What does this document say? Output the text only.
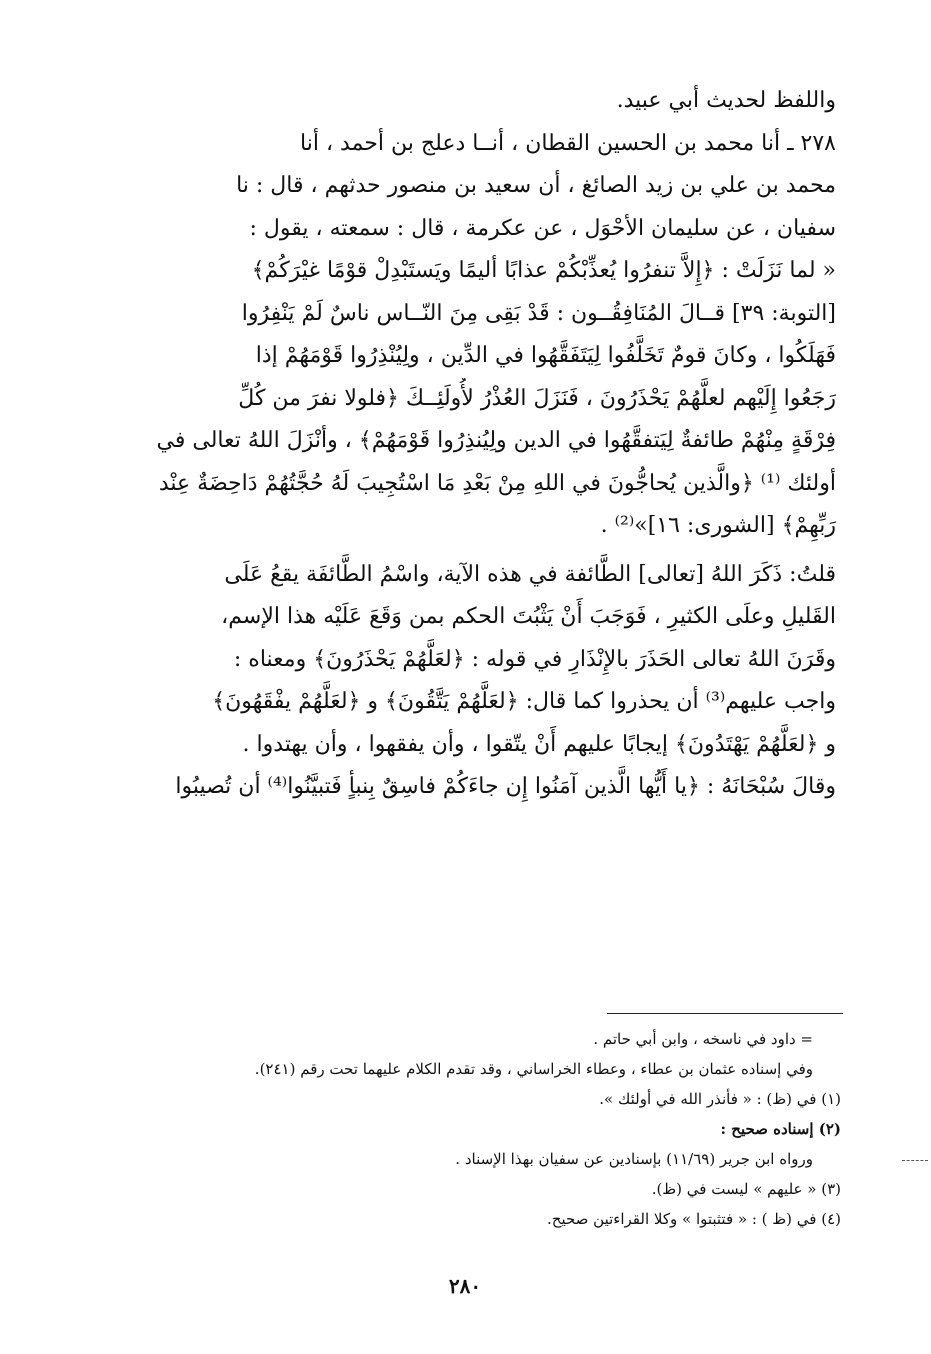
واللفظ لحديث أبي عبيد.
٢٧٨ ـ أنا محمد بن الحسين القطان ، أنــا دعلج بن أحمد ، أنا
محمد بن علي بن زيد الصائغ ، أن سعيد بن منصور حدثهم ، قال : نا
سفيان ، عن سليمان الأحْوَل ، عن عكرمة ، قال : سمعته ، يقول :
« لما نَزَلَتْ : ﴿إِلاَّ تنفرُوا يُعذِّبْكُمْ عذابًا أليمًا ويَستَبْدِلْ قوْمًا غيْرَكُمْ﴾
[التوبة: ٣٩] قــالَ المُنَافِقُــون : قَدْ بَقِى مِنَ النّــاس ناسٌ لَمْ يَنْفِرُوا
فَهَلَكُوا ، وكانَ قومٌ تَخَلَّفُوا لِيَتَفَقَّهُوا في الدِّين ، ولِيُنْذِرُوا قَوْمَهُمْ إذا
رَجَعُوا إِلَيْهم لعلَّهُمْ يَحْذَرُونَ ، فَنَزَلَ العُذْرُ لأُولَئِــكَ ﴿فلولا نفرَ من كُلِّ
فِرْقَةٍ مِنْهُمْ طائفةٌ لِيَتفقَّهُوا في الدين ولِيُنذِرُوا قَوْمَهُمْ﴾ ، وأنْزَلَ اللهُ تعالى في
أولئك ⁽¹⁾ ﴿والَّذين يُحاجُّونَ في اللهِ مِنْ بَعْدِ مَا اسْتُجِيبَ لَهُ حُجَّتُهُمْ دَاحِضَةٌ عِنْد
رَبِّهِمْ﴾ [الشورى: ١٦]»⁽²⁾ .
قلتُ: ذَكَرَ اللهُ [تعالى] الطَّائفة في هذه الآية، واسْمُ الطَّائفَة يقعُ عَلَى
القَليلِ وعلَى الكثيرِ ، فَوَجَبَ أَنْ يَثْبُتَ الحكم بمن وَقَعَ عَلَيْه هذا الإسم،
وقَرَنَ اللهُ تعالى الحَذَرَ بالإِنْذَارِ في قوله : ﴿لعَلَّهُمْ يَحْذَرُونَ﴾ ومعناه :
واجب عليهم⁽³⁾ أن يحذروا كما قال: ﴿لعَلَّهُمْ يَتَّقُونَ﴾ و ﴿لعَلَّهُمْ يفْقَهُونَ﴾
و ﴿لعَلَّهُمْ يَهْتَدُونَ﴾ إيجابًا عليهم أَنْ يتّقوا ، وأن يفقهوا ، وأن يهتدوا .
وقالَ سُبْحَانَهُ : ﴿يا أَيُّها الَّذين آمَنُوا إِن جاءَكُمْ فاسِقٌ بِنبأٍ فَتبيَّنُوا⁽⁴⁾ أن تُصيبُوا
= داود في ناسخه ، وابن أبي حاتم .
وفي إسناده عثمان بن عطاء ، وعطاء الخراساني ، وقد تقدم الكلام عليهما تحت رقم (٢٤١).
(١) في (ظ) : « فأنذر الله في أولئك ».
(٢) إسناده صحيح :
ورواه ابن جرير (١١/٦٩) بإسنادين عن سفيان بهذا الإسناد .
(٣) « عليهم » ليست في (ظ).
(٤) في (ظ ) : « فتثبتوا » وكلا القراءتين صحيح.
٢٨٠
